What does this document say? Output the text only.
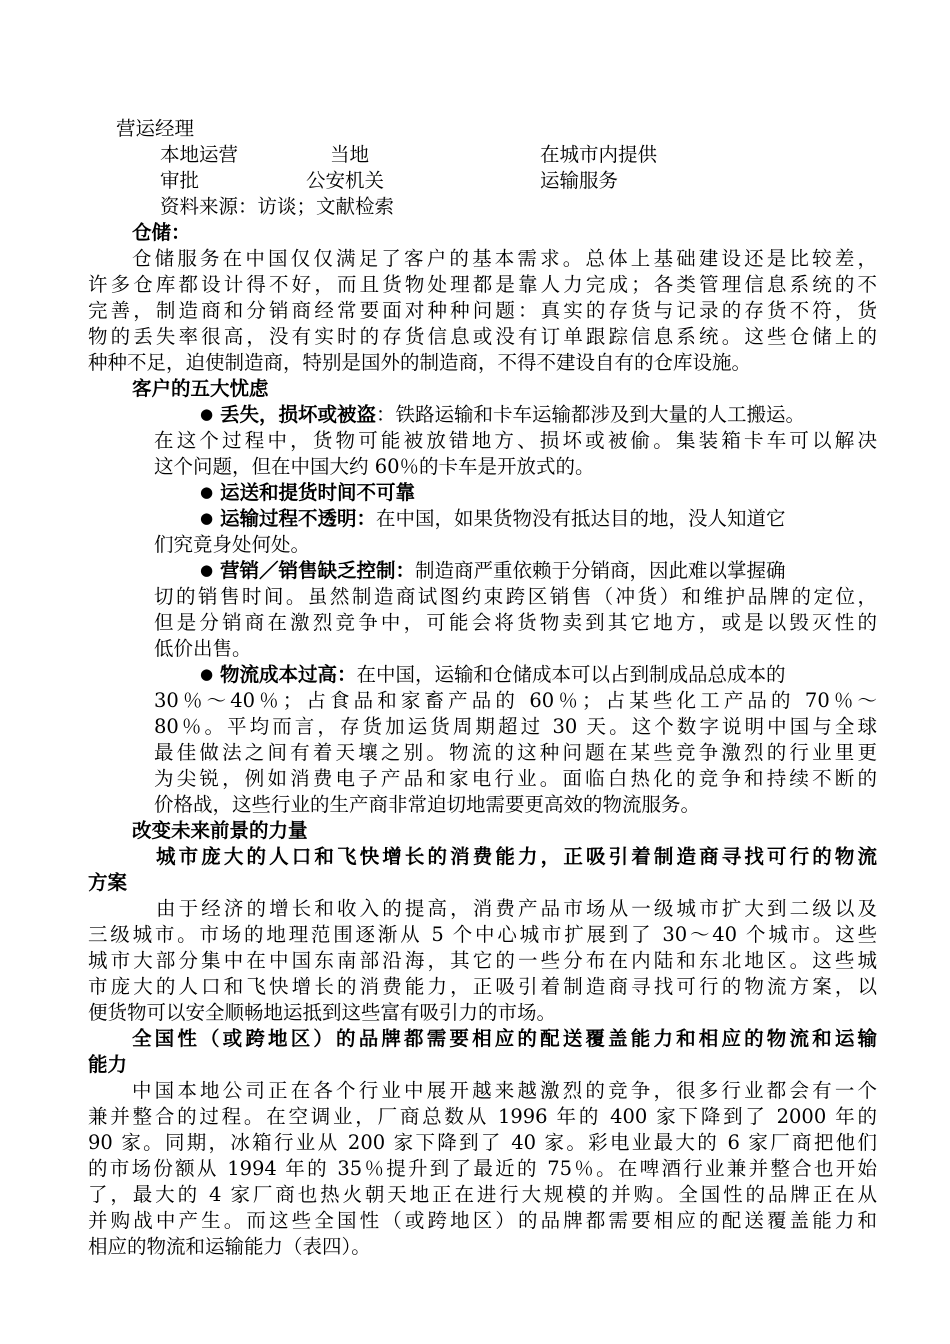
营运经理
本地运营	当地	在城市内提供
审批	公安机关	运输服务
资料来源：访谈；文献检索
仓储：
仓储服务在中国仅仅满足了客户的基本需求。总体上基础建设还是比较差，
许多仓库都设计得不好，而且货物处理都是靠人力完成；各类管理信息系统的不
完善，制造商和分销商经常要面对种种问题：真实的存货与记录的存货不符，货
物的丢失率很高，没有实时的存货信息或没有订单跟踪信息系统。这些仓储上的
种种不足，迫使制造商，特别是国外的制造商，不得不建设自有的仓库设施。
客户的五大忧虑
● 丢失，损坏或被盗：铁路运输和卡车运输都涉及到大量的人工搬运。
在这个过程中，货物可能被放错地方、损坏或被偷。集装箱卡车可以解决
这个问题，但在中国大约 60％的卡车是开放式的。
● 运送和提货时间不可靠
● 运输过程不透明：在中国，如果货物没有抵达目的地，没人知道它
们究竟身处何处。
● 营销／销售缺乏控制：制造商严重依赖于分销商，因此难以掌握确
切的销售时间。虽然制造商试图约束跨区销售（冲货）和维护品牌的定位，
但是分销商在激烈竞争中，可能会将货物卖到其它地方，或是以毁灭性的
低价出售。
● 物流成本过高：在中国，运输和仓储成本可以占到制成品总成本的
30％～40％；占食品和家畜产品的 60％；占某些化工产品的 70％～
80％。平均而言，存货加运货周期超过 30 天。这个数字说明中国与全球
最佳做法之间有着天壤之别。物流的这种问题在某些竞争激烈的行业里更
为尖锐，例如消费电子产品和家电行业。面临白热化的竞争和持续不断的
价格战，这些行业的生产商非常迫切地需要更高效的物流服务。
改变未来前景的力量
城市庞大的人口和飞快增长的消费能力，正吸引着制造商寻找可行的物流
方案
由于经济的增长和收入的提高，消费产品市场从一级城市扩大到二级以及
三级城市。市场的地理范围逐渐从 5 个中心城市扩展到了 30～40 个城市。这些
城市大部分集中在中国东南部沿海，其它的一些分布在内陆和东北地区。这些城
市庞大的人口和飞快增长的消费能力，正吸引着制造商寻找可行的物流方案，以
便货物可以安全顺畅地运抵到这些富有吸引力的市场。
全国性（或跨地区）的品牌都需要相应的配送覆盖能力和相应的物流和运输
能力
中国本地公司正在各个行业中展开越来越激烈的竞争，很多行业都会有一个
兼并整合的过程。在空调业，厂商总数从 1996 年的 400 家下降到了 2000 年的
90 家。同期，冰箱行业从 200 家下降到了 40 家。彩电业最大的 6 家厂商把他们
的市场份额从 1994 年的 35％提升到了最近的 75％。在啤酒行业兼并整合也开始
了，最大的 4 家厂商也热火朝天地正在进行大规模的并购。全国性的品牌正在从
并购战中产生。而这些全国性（或跨地区）的品牌都需要相应的配送覆盖能力和
相应的物流和运输能力（表四）。
